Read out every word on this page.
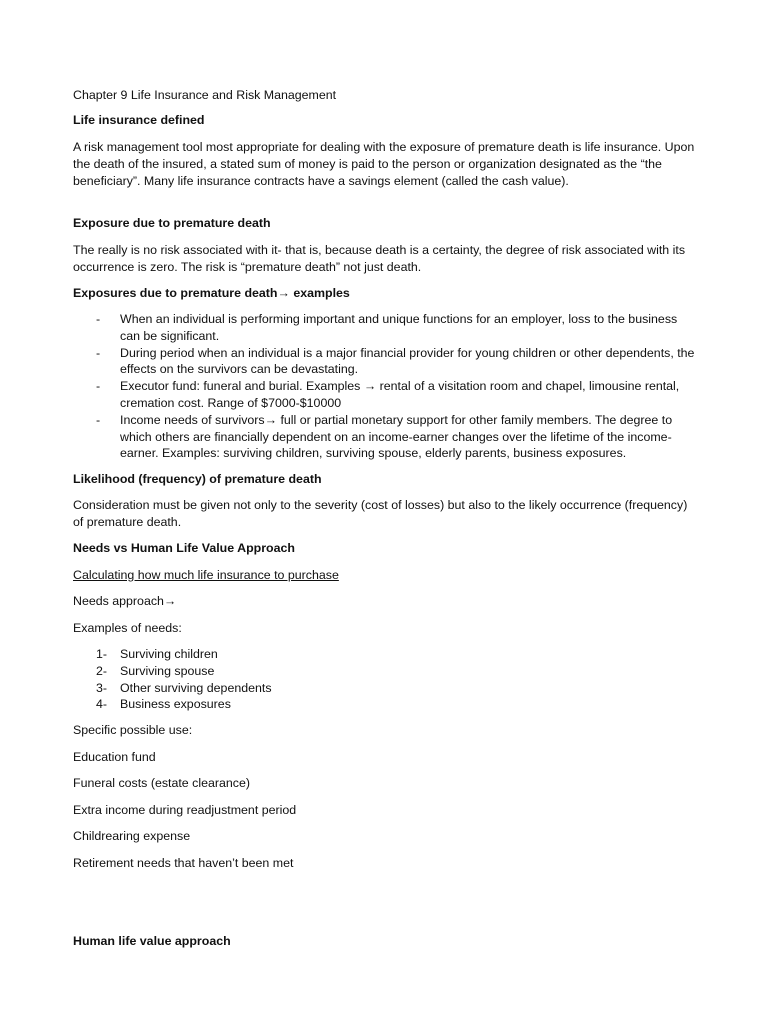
Chapter 9 Life Insurance and Risk Management

Life insurance defined

A risk management tool most appropriate for dealing with the exposure of premature death is life insurance. Upon the death of the insured, a stated sum of money is paid to the person or organization designated as the “the beneficiary”. Many life insurance contracts have a savings element (called the cash value).

Exposure due to premature death

The really is no risk associated with it- that is, because death is a certainty, the degree of risk associated with its occurrence is zero. The risk is “premature death” not just death.

Exposures due to premature death→ examples

- When an individual is performing important and unique functions for an employer, loss to the business can be significant.
- During period when an individual is a major financial provider for young children or other dependents, the effects on the survivors can be devastating.
- Executor fund: funeral and burial. Examples → rental of a visitation room and chapel, limousine rental, cremation cost. Range of $7000-$10000
- Income needs of survivors→ full or partial monetary support for other family members. The degree to which others are financially dependent on an income-earner changes over the lifetime of the income-earner. Examples: surviving children, surviving spouse, elderly parents, business exposures.

Likelihood (frequency) of premature death

Consideration must be given not only to the severity (cost of losses) but also to the likely occurrence (frequency) of premature death.

Needs vs Human Life Value Approach

Calculating how much life insurance to purchase

Needs approach→

Examples of needs:

1- Surviving children
2- Surviving spouse
3- Other surviving dependents
4- Business exposures

Specific possible use:

Education fund

Funeral costs (estate clearance)

Extra income during readjustment period

Childrearing expense

Retirement needs that haven’t been met

Human life value approach
